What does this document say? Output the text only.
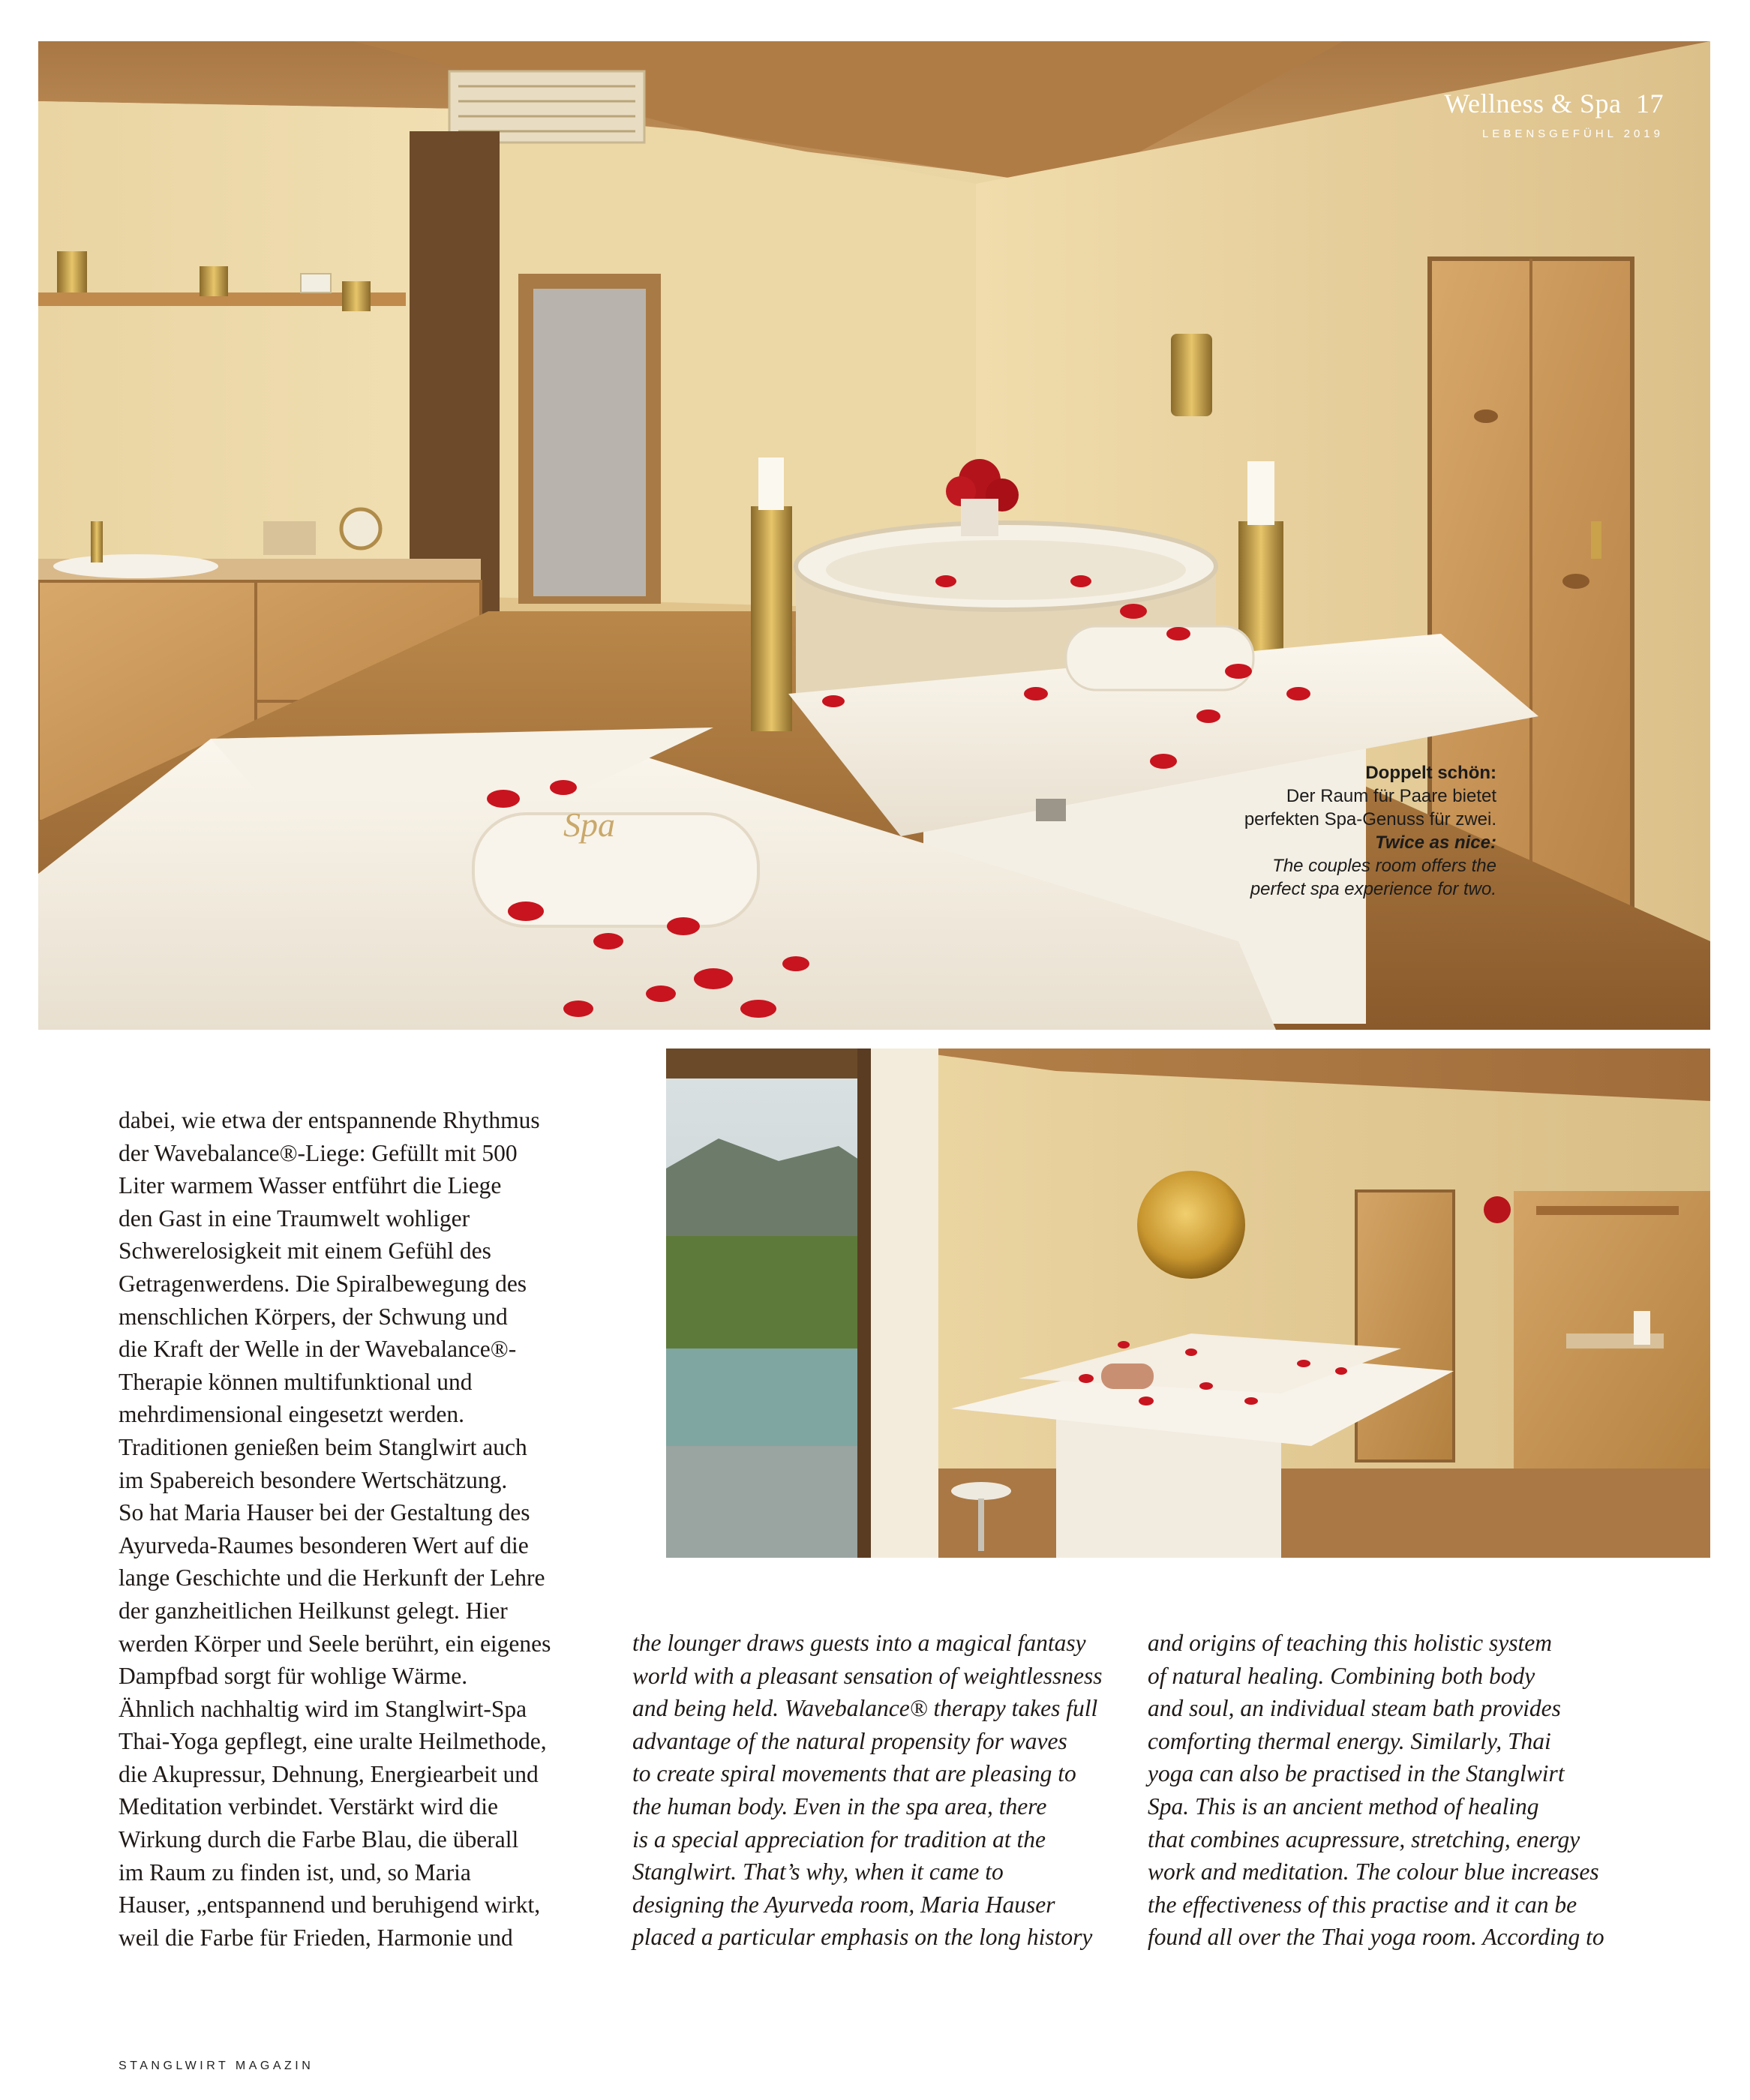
Spa
Wellness & Spa 17
LEBENSGEFÜHL 2019
Doppelt schön:
Der Raum für Paare bietet
perfekten Spa-Genuss für zwei.
Twice as nice:
The couples room offers the
perfect spa experience for two.
dabei, wie etwa der entspannende Rhythmus
der Wavebalance®-Liege: Gefüllt mit 500
Liter warmem Wasser entführt die Liege
den Gast in eine Traumwelt wohliger
Schwerelosigkeit mit einem Gefühl des
Getragenwerdens. Die Spiralbewegung des
menschlichen Körpers, der Schwung und
die Kraft der Welle in der Wavebalance®-
Therapie können multifunktional und
mehrdimensional eingesetzt werden.
Traditionen genießen beim Stanglwirt auch
im Spabereich besondere Wertschätzung.
So hat Maria Hauser bei der Gestaltung des
Ayurveda-Raumes besonderen Wert auf die
lange Geschichte und die Herkunft der Lehre
der ganzheitlichen Heilkunst gelegt. Hier
werden Körper und Seele berührt, ein eigenes
Dampfbad sorgt für wohlige Wärme.
Ähnlich nachhaltig wird im Stanglwirt-Spa
Thai-Yoga gepflegt, eine uralte Heilmethode,
die Akupressur, Dehnung, Energiearbeit und
Meditation verbindet. Verstärkt wird die
Wirkung durch die Farbe Blau, die überall
im Raum zu finden ist, und, so Maria
Hauser, „entspannend und beruhigend wirkt,
weil die Farbe für Frieden, Harmonie und
the lounger draws guests into a magical fantasy
world with a pleasant sensation of weightlessness
and being held. Wavebalance® therapy takes full
advantage of the natural propensity for waves
to create spiral movements that are pleasing to
the human body. Even in the spa area, there
is a special appreciation for tradition at the
Stanglwirt. That’s why, when it came to
designing the Ayurveda room, Maria Hauser
placed a particular emphasis on the long history
and origins of teaching this holistic system
of natural healing. Combining both body
and soul, an individual steam bath provides
comforting thermal energy. Similarly, Thai
yoga can also be practised in the Stanglwirt
Spa. This is an ancient method of healing
that combines acupressure, stretching, energy
work and meditation. The colour blue increases
the effectiveness of this practise and it can be
found all over the Thai yoga room. According to
STANGLWIRT MAGAZIN
